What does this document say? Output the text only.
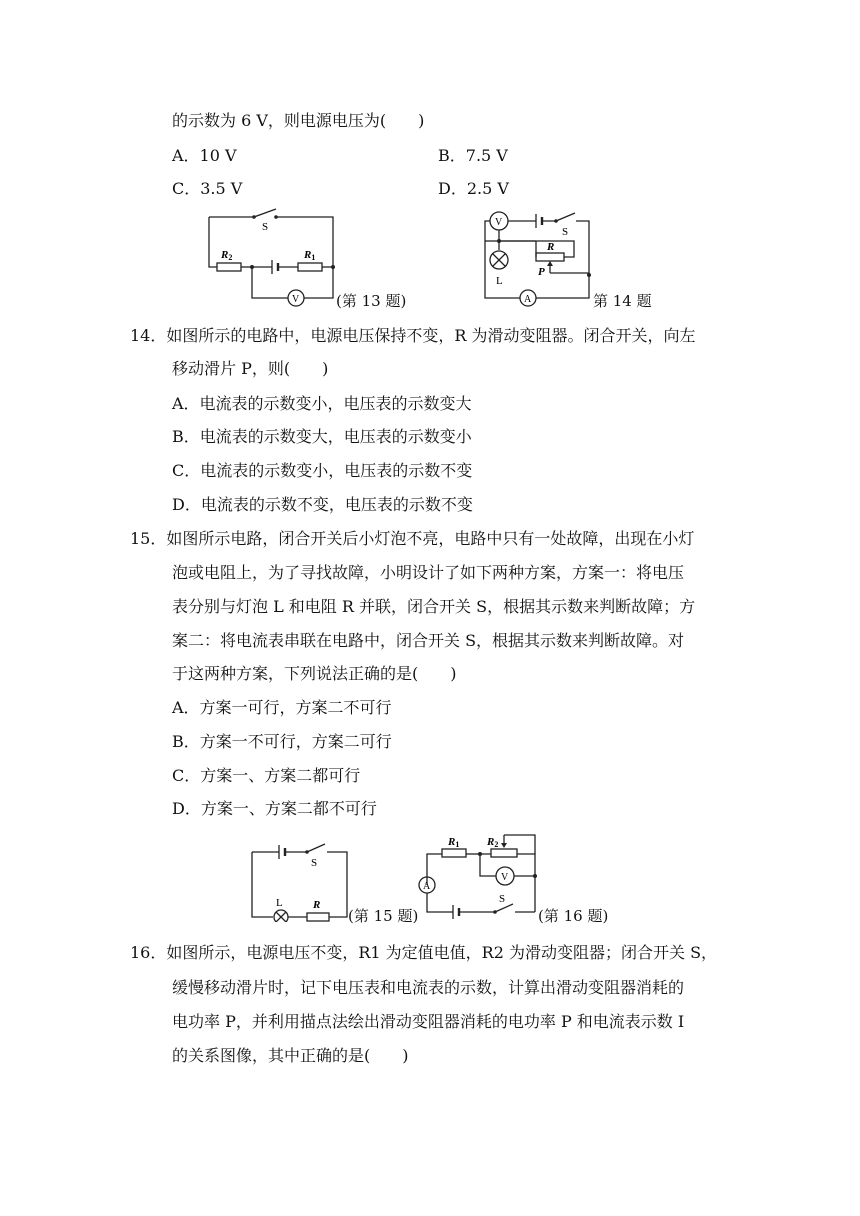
的示数为 6 V，则电源电压为(　　)
A．10 V	B．7.5 V
C．3.5 V	D．2.5 V
S
R2	R1
V (第 13 题)
V
S
L
R
P
A	第 14 题
14．如图所示的电路中，电源电压保持不变，R 为滑动变阻器。闭合开关，向左
移动滑片 P，则(　　)
A．电流表的示数变小，电压表的示数变大
B．电流表的示数变大，电压表的示数变小
C．电流表的示数变小，电压表的示数不变
D．电流表的示数不变，电压表的示数不变
15．如图所示电路，闭合开关后小灯泡不亮，电路中只有一处故障，出现在小灯
泡或电阻上，为了寻找故障，小明设计了如下两种方案，方案一：将电压
表分别与灯泡 L 和电阻 R 并联，闭合开关 S，根据其示数来判断故障；方
案二：将电流表串联在电路中，闭合开关 S，根据其示数来判断故障。对
于这两种方案，下列说法正确的是(　　)
A．方案一可行，方案二不可行
B．方案一不可行，方案二可行
C．方案一、方案二都可行
D．方案一、方案二都不可行
S
L	R
(第 15 题)
R1	R2
V
A
S
(第 16 题)
16．如图所示，电源电压不变，R1 为定值电值，R2 为滑动变阻器；闭合开关 S，
缓慢移动滑片时，记下电压表和电流表的示数，计算出滑动变阻器消耗的
电功率 P，并利用描点法绘出滑动变阻器消耗的电功率 P 和电流表示数 I
的关系图像，其中正确的是(　　)
